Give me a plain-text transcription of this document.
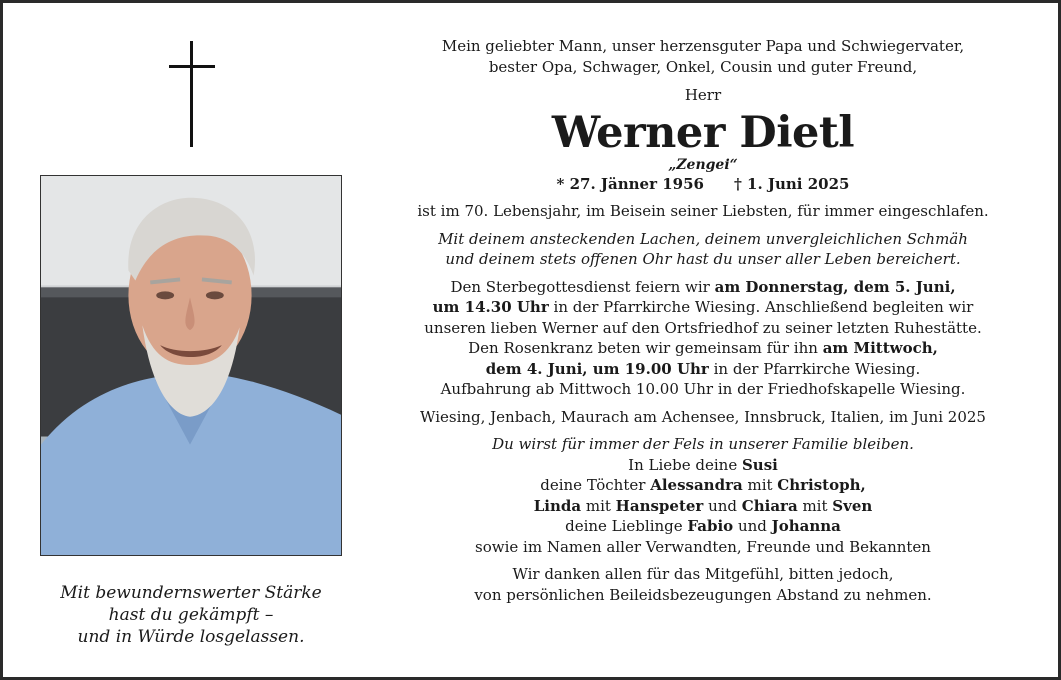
Mit bewundernswerter Stärke
hast du gekämpft –
und in Würde losgelassen.
Mein geliebter Mann, unser herzensguter Papa und Schwiegervater,
bester Opa, Schwager, Onkel, Cousin und guter Freund,
Herr
Werner Dietl
„Zengei“
* 27. Jänner 1956 † 1. Juni 2025
ist im 70. Lebensjahr, im Beisein seiner Liebsten, für immer eingeschlafen.
Mit deinem ansteckenden Lachen, deinem unvergleichlichen Schmäh
und deinem stets offenen Ohr hast du unser aller Leben bereichert.
Den Sterbegottesdienst feiern wir am Donnerstag, dem 5. Juni,
um 14.30 Uhr in der Pfarrkirche Wiesing. Anschließend begleiten wir
unseren lieben Werner auf den Ortsfriedhof zu seiner letzten Ruhestätte.
Den Rosenkranz beten wir gemeinsam für ihn am Mittwoch,
dem 4. Juni, um 19.00 Uhr in der Pfarrkirche Wiesing.
Aufbahrung ab Mittwoch 10.00 Uhr in der Friedhofskapelle Wiesing.
Wiesing, Jenbach, Maurach am Achensee, Innsbruck, Italien, im Juni 2025
Du wirst für immer der Fels in unserer Familie bleiben.
In Liebe deine Susi
deine Töchter Alessandra mit Christoph,
Linda mit Hanspeter und Chiara mit Sven
deine Lieblinge Fabio und Johanna
sowie im Namen aller Verwandten, Freunde und Bekannten
Wir danken allen für das Mitgefühl, bitten jedoch,
von persönlichen Beileidsbezeugungen Abstand zu nehmen.
